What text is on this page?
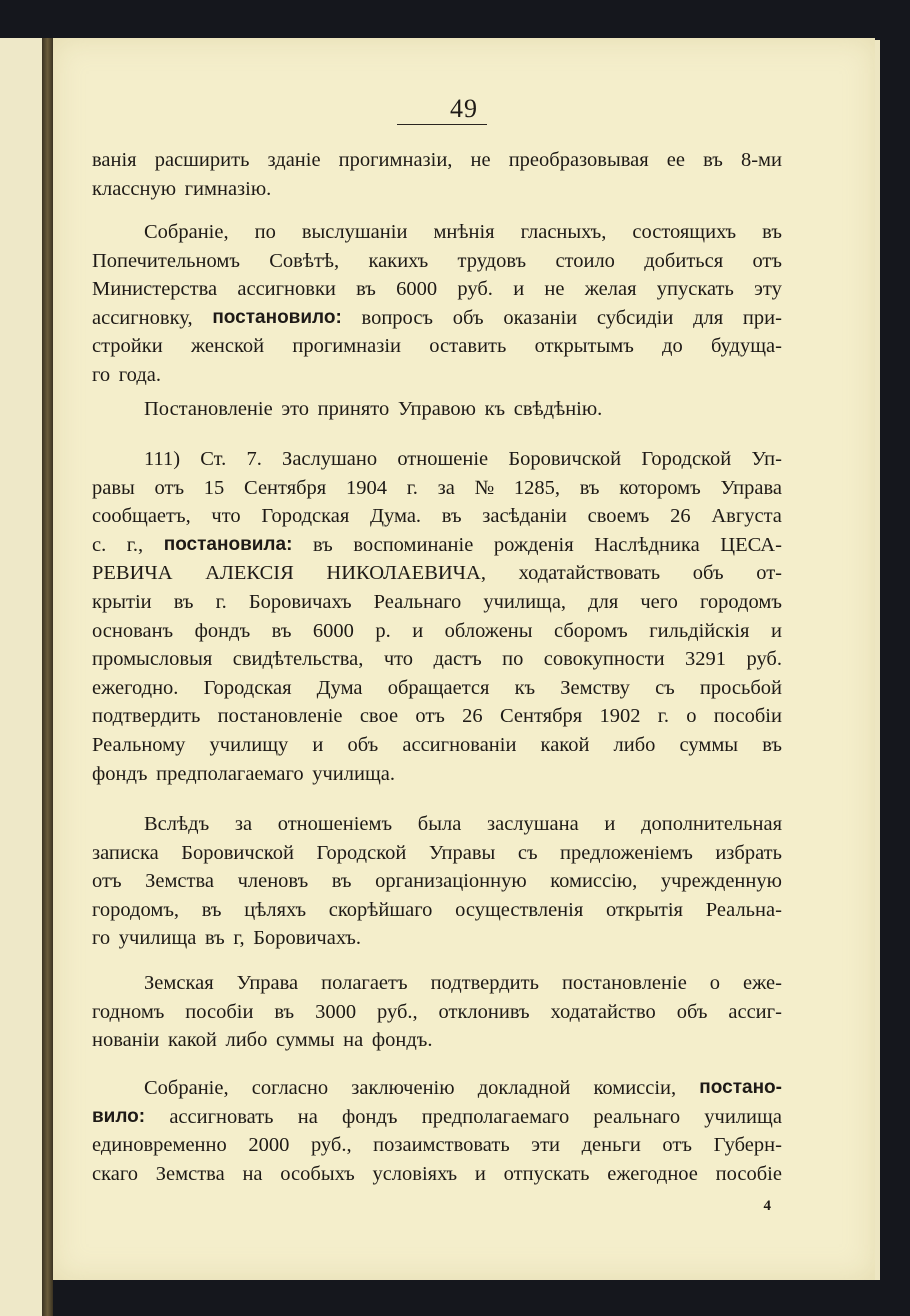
49
ванія расширить зданіе прогимназіи, не преобразовывая ее въ 8-ми
классную гимназію.
Собраніе, по выслушаніи мнѣнія гласныхъ, состоящихъ въ
Попечительномъ Совѣтѣ, какихъ трудовъ стоило добиться отъ
Министерства ассигновки въ 6000 руб. и не желая упускать эту
ассигновку, постановило: вопросъ объ оказаніи субсидіи для при-
стройки женской прогимназіи оставить открытымъ до будуща-
го года.
Постановленіе это принято Управою къ свѣдѣнію.
111) Ст. 7. Заслушано отношеніе Боровичской Городской Уп-
равы отъ 15 Сентября 1904 г. за № 1285, въ которомъ Управа
сообщаетъ, что Городская Дума. въ засѣданіи своемъ 26 Августа
с. г., постановила: въ воспоминаніе рожденія Наслѣдника ЦЕСА-
РЕВИЧА АЛЕКСІЯ НИКОЛАЕВИЧА, ходатайствовать объ от-
крытіи въ г. Боровичахъ Реальнаго училища, для чего городомъ
основанъ фондъ въ 6000 р. и обложены сборомъ гильдійскія и
промысловыя свидѣтельства, что дастъ по совокупности 3291 руб.
ежегодно. Городская Дума обращается къ Земству съ просьбой
подтвердить постановленіе свое отъ 26 Сентября 1902 г. о пособіи
Реальному училищу и объ ассигнованіи какой либо суммы въ
фондъ предполагаемаго училища.
Вслѣдъ за отношеніемъ была заслушана и дополнительная
записка Боровичской Городской Управы съ предложеніемъ избрать
отъ Земства членовъ въ организаціонную комиссію, учрежденную
городомъ, въ цѣляхъ скорѣйшаго осуществленія открытія Реальна-
го училища въ г, Боровичахъ.
Земская Управа полагаетъ подтвердить постановленіе о еже-
годномъ пособіи въ 3000 руб., отклонивъ ходатайство объ ассиг-
нованіи какой либо суммы на фондъ.
Собраніе, согласно заключенію докладной комиссіи, постано-
вило: ассигновать на фондъ предполагаемаго реальнаго училища
единовременно 2000 руб., позаимствовать эти деньги отъ Губерн-
скаго Земства на особыхъ условіяхъ и отпускать ежегодное пособіе
4
